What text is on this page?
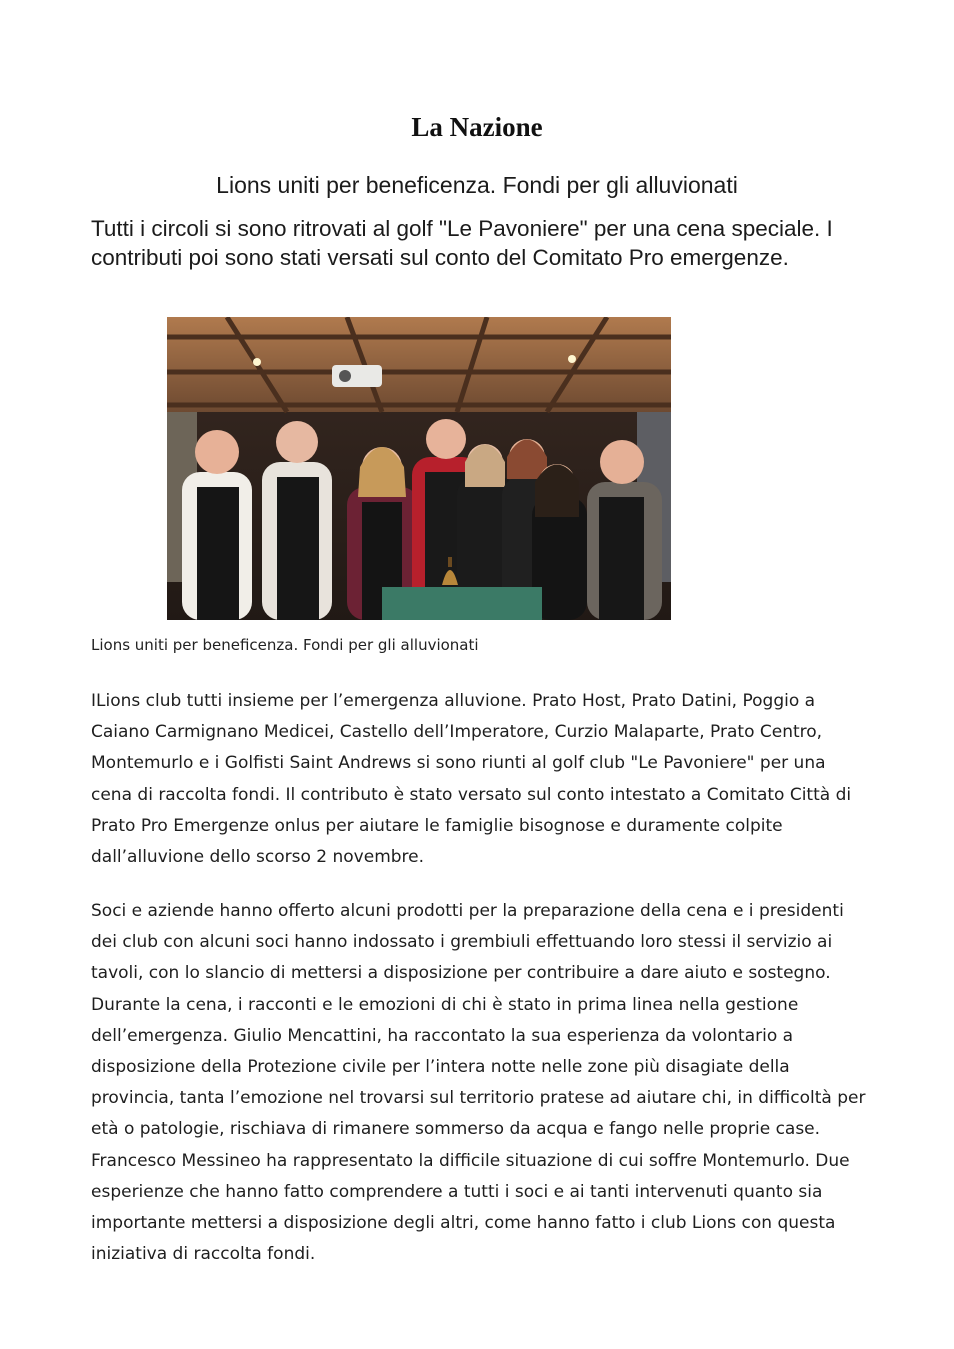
La Nazione
Lions uniti per beneficenza. Fondi per gli alluvionati
Tutti i circoli si sono ritrovati al golf "Le Pavoniere" per una cena speciale. I contributi poi sono stati versati sul conto del Comitato Pro emergenze.
Lions uniti per beneficenza. Fondi per gli alluvionati

ILions club tutti insieme per l’emergenza alluvione. Prato Host, Prato Datini, Poggio a Caiano Carmignano Medicei, Castello dell’Imperatore, Curzio Malaparte, Prato Centro, Montemurlo e i Golfisti Saint Andrews si sono riunti al golf club "Le Pavoniere" per una cena di raccolta fondi. Il contributo è stato versato sul conto intestato a Comitato Città di Prato Pro Emergenze onlus per aiutare le famiglie bisognose e duramente colpite dall’alluvione dello scorso 2 novembre.

Soci e aziende hanno offerto alcuni prodotti per la preparazione della cena e i presidenti dei club con alcuni soci hanno indossato i grembiuli effettuando loro stessi il servizio ai tavoli, con lo slancio di mettersi a disposizione per contribuire a dare aiuto e sostegno. Durante la cena, i racconti e le emozioni di chi è stato in prima linea nella gestione dell’emergenza. Giulio Mencattini, ha raccontato la sua esperienza da volontario a disposizione della Protezione civile per l’intera notte nelle zone più disagiate della provincia, tanta l’emozione nel trovarsi sul territorio pratese ad aiutare chi, in difficoltà per età o patologie, rischiava di rimanere sommerso da acqua e fango nelle proprie case. Francesco Messineo ha rappresentato la difficile situazione di cui soffre Montemurlo. Due esperienze che hanno fatto comprendere a tutti i soci e ai tanti intervenuti quanto sia importante mettersi a disposizione degli altri, come hanno fatto i club Lions con questa iniziativa di raccolta fondi.
